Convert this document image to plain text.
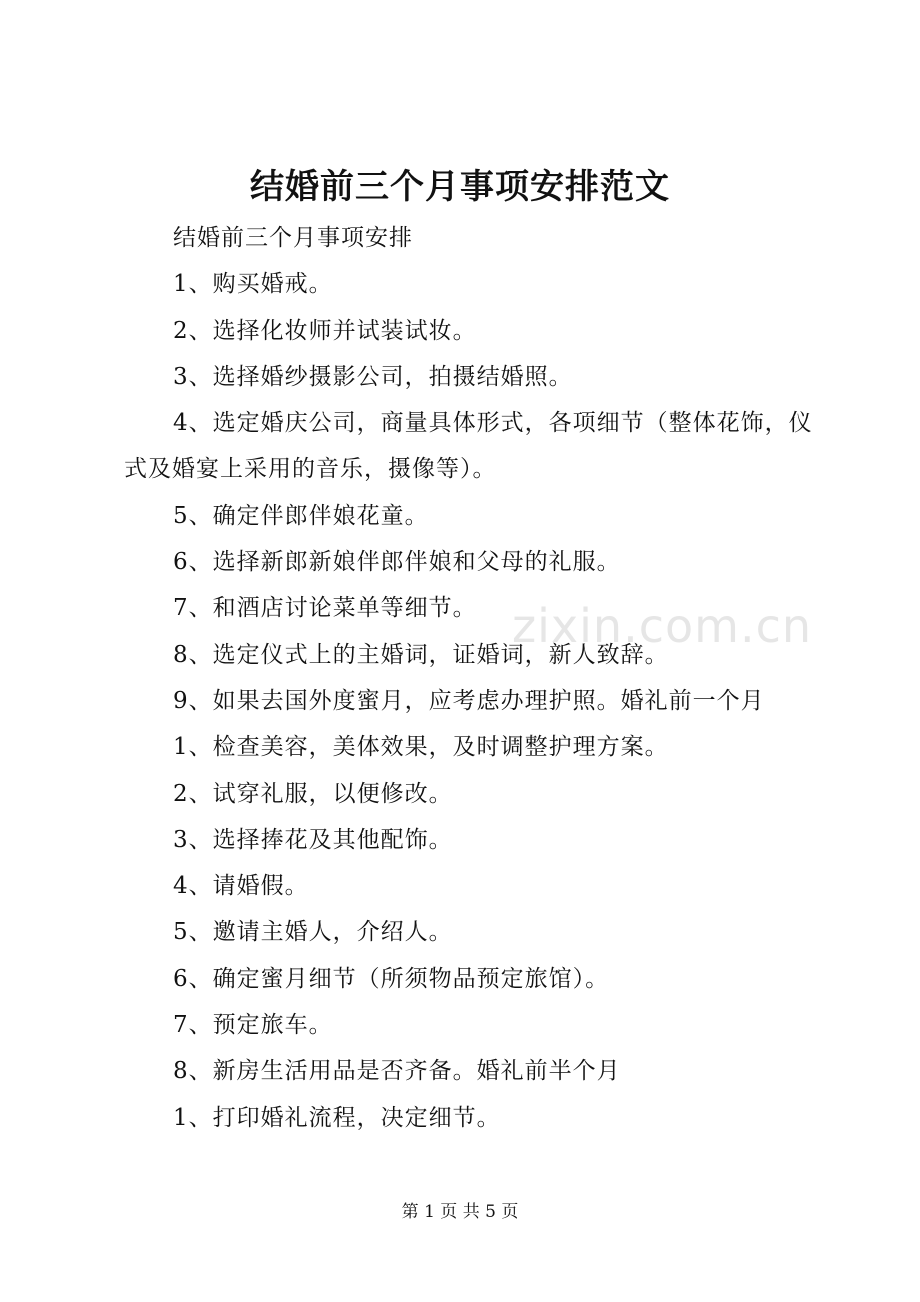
zixin.com.cn
结婚前三个月事项安排范文

结婚前三个月事项安排

1、购买婚戒。

2、选择化妆师并试装试妆。

3、选择婚纱摄影公司，拍摄结婚照。

4、选定婚庆公司，商量具体形式，各项细节（整体花饰，仪式及婚宴上采用的音乐，摄像等）。

5、确定伴郎伴娘花童。

6、选择新郎新娘伴郎伴娘和父母的礼服。

7、和酒店讨论菜单等细节。

8、选定仪式上的主婚词，证婚词，新人致辞。

9、如果去国外度蜜月，应考虑办理护照。婚礼前一个月

1、检查美容，美体效果，及时调整护理方案。

2、试穿礼服，以便修改。

3、选择捧花及其他配饰。

4、请婚假。

5、邀请主婚人，介绍人。

6、确定蜜月细节（所须物品预定旅馆）。

7、预定旅车。

8、新房生活用品是否齐备。婚礼前半个月

1、打印婚礼流程，决定细节。

第 1 页 共 5 页
